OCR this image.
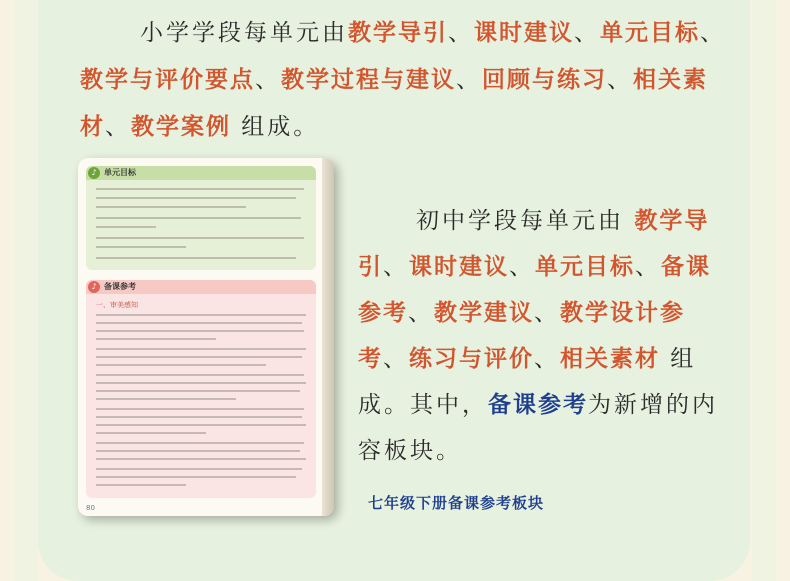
小学学段每单元由教学导引、课时建议、单元目标、教学与评价要点、教学过程与建议、回顾与练习、相关素材、教学案例 组成。
♪ 单元目标
♪ 备课参考
一、审美感知
80
初中学段每单元由 教学导引、课时建议、单元目标、备课参考、教学建议、教学设计参考、练习与评价、相关素材 组成。其中，备课参考为新增的内容板块。
七年级下册备课参考板块
